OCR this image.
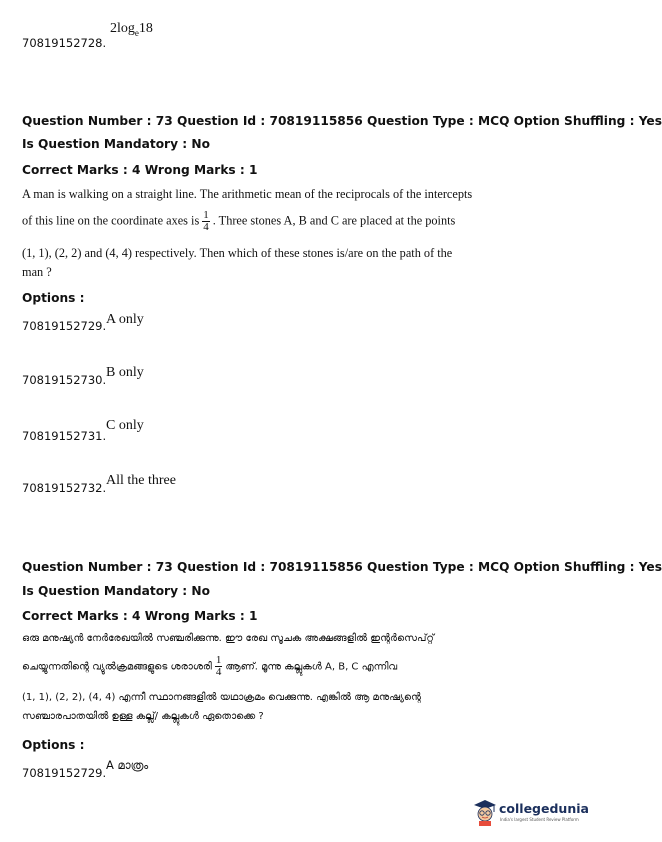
70819152728.
$2\log_e18$
Question Number : 73 Question Id : 70819115856 Question Type : MCQ Option Shuffling : Yes
Is Question Mandatory : No
Correct Marks : 4 Wrong Marks : 1
A man is walking on a straight line. The arithmetic mean of the reciprocals of the intercepts
of this line on the coordinate axes is $\frac{1}{4}$ . Three stones A, B and C are placed at the points
(1, 1), (2, 2) and (4, 4) respectively. Then which of these stones is/are on the path of the
man ?
Options :
70819152729. A only
70819152730. B only
70819152731.
C only
70819152732. All the three
Question Number : 73 Question Id : 70819115856 Question Type : MCQ Option Shuffling : Yes
Is Question Mandatory : No
Correct Marks : 4 Wrong Marks : 1
ഒരു മനുഷ്യൻ നേർരേഖയിൽ സഞ്ചരിക്കുന്നു. ഈ രേഖ സൂചക അക്ഷങ്ങളിൽ ഇന്റർസെപ്റ്റ്
ചെയ്യുന്നതിന്റെ വ്യുൽക്രമങ്ങളുടെ ശരാശരി $\frac{1}{4}$ ആണ്. മൂന്നു കല്ലുകൾ A, B, C എന്നിവ
(1, 1), (2, 2), (4, 4) എന്നീ സ്ഥാനങ്ങളിൽ യഥാക്രമം വെക്കുന്നു. എങ്കിൽ ആ മനുഷ്യന്റെ
സഞ്ചാരപാതയിൽ ഉള്ള കല്ല്/ കല്ലുകൾ ഏതൊക്കെ ?
Options :
70819152729.
A മാത്രം
collegedunia
India's largest Student Review Platform
